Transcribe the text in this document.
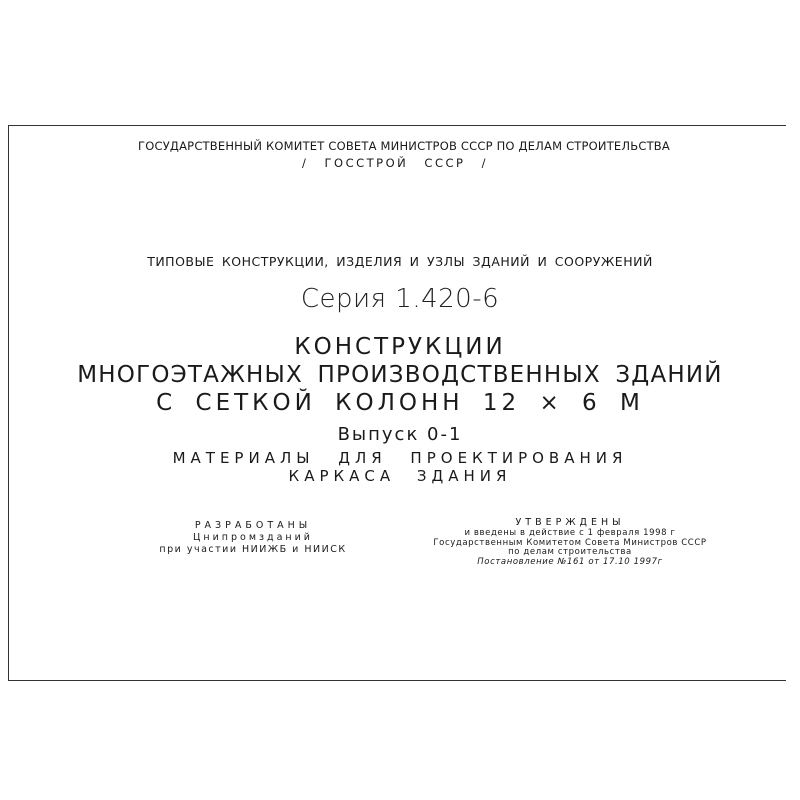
ГОСУДАРСТВЕННЫЙ КОМИТЕТ СОВЕТА МИНИСТРОВ СССР ПО ДЕЛАМ СТРОИТЕЛЬСТВА
/ ГОССТРОЙ СССР /
ТИПОВЫЕ КОНСТРУКЦИИ, ИЗДЕЛИЯ И УЗЛЫ ЗДАНИЙ И СООРУЖЕНИЙ
Серия 1.420-6
КОНСТРУКЦИИ
МНОГОЭТАЖНЫХ ПРОИЗВОДСТВЕННЫХ ЗДАНИЙ
С СЕТКОЙ КОЛОНН 12 × 6 М
Выпуск 0-1
МАТЕРИАЛЫ ДЛЯ ПРОЕКТИРОВАНИЯ
КАРКАСА ЗДАНИЯ
РАЗРАБОТАНЫ
Цнипромзданий
при участии НИИЖБ и НИИСК
УТВЕРЖДЕНЫ
и введены в действие с 1 февраля 1998 г
Государственным Комитетом Совета Министров СССР
по делам строительства
Постановление №161 от 17.10 1997г
